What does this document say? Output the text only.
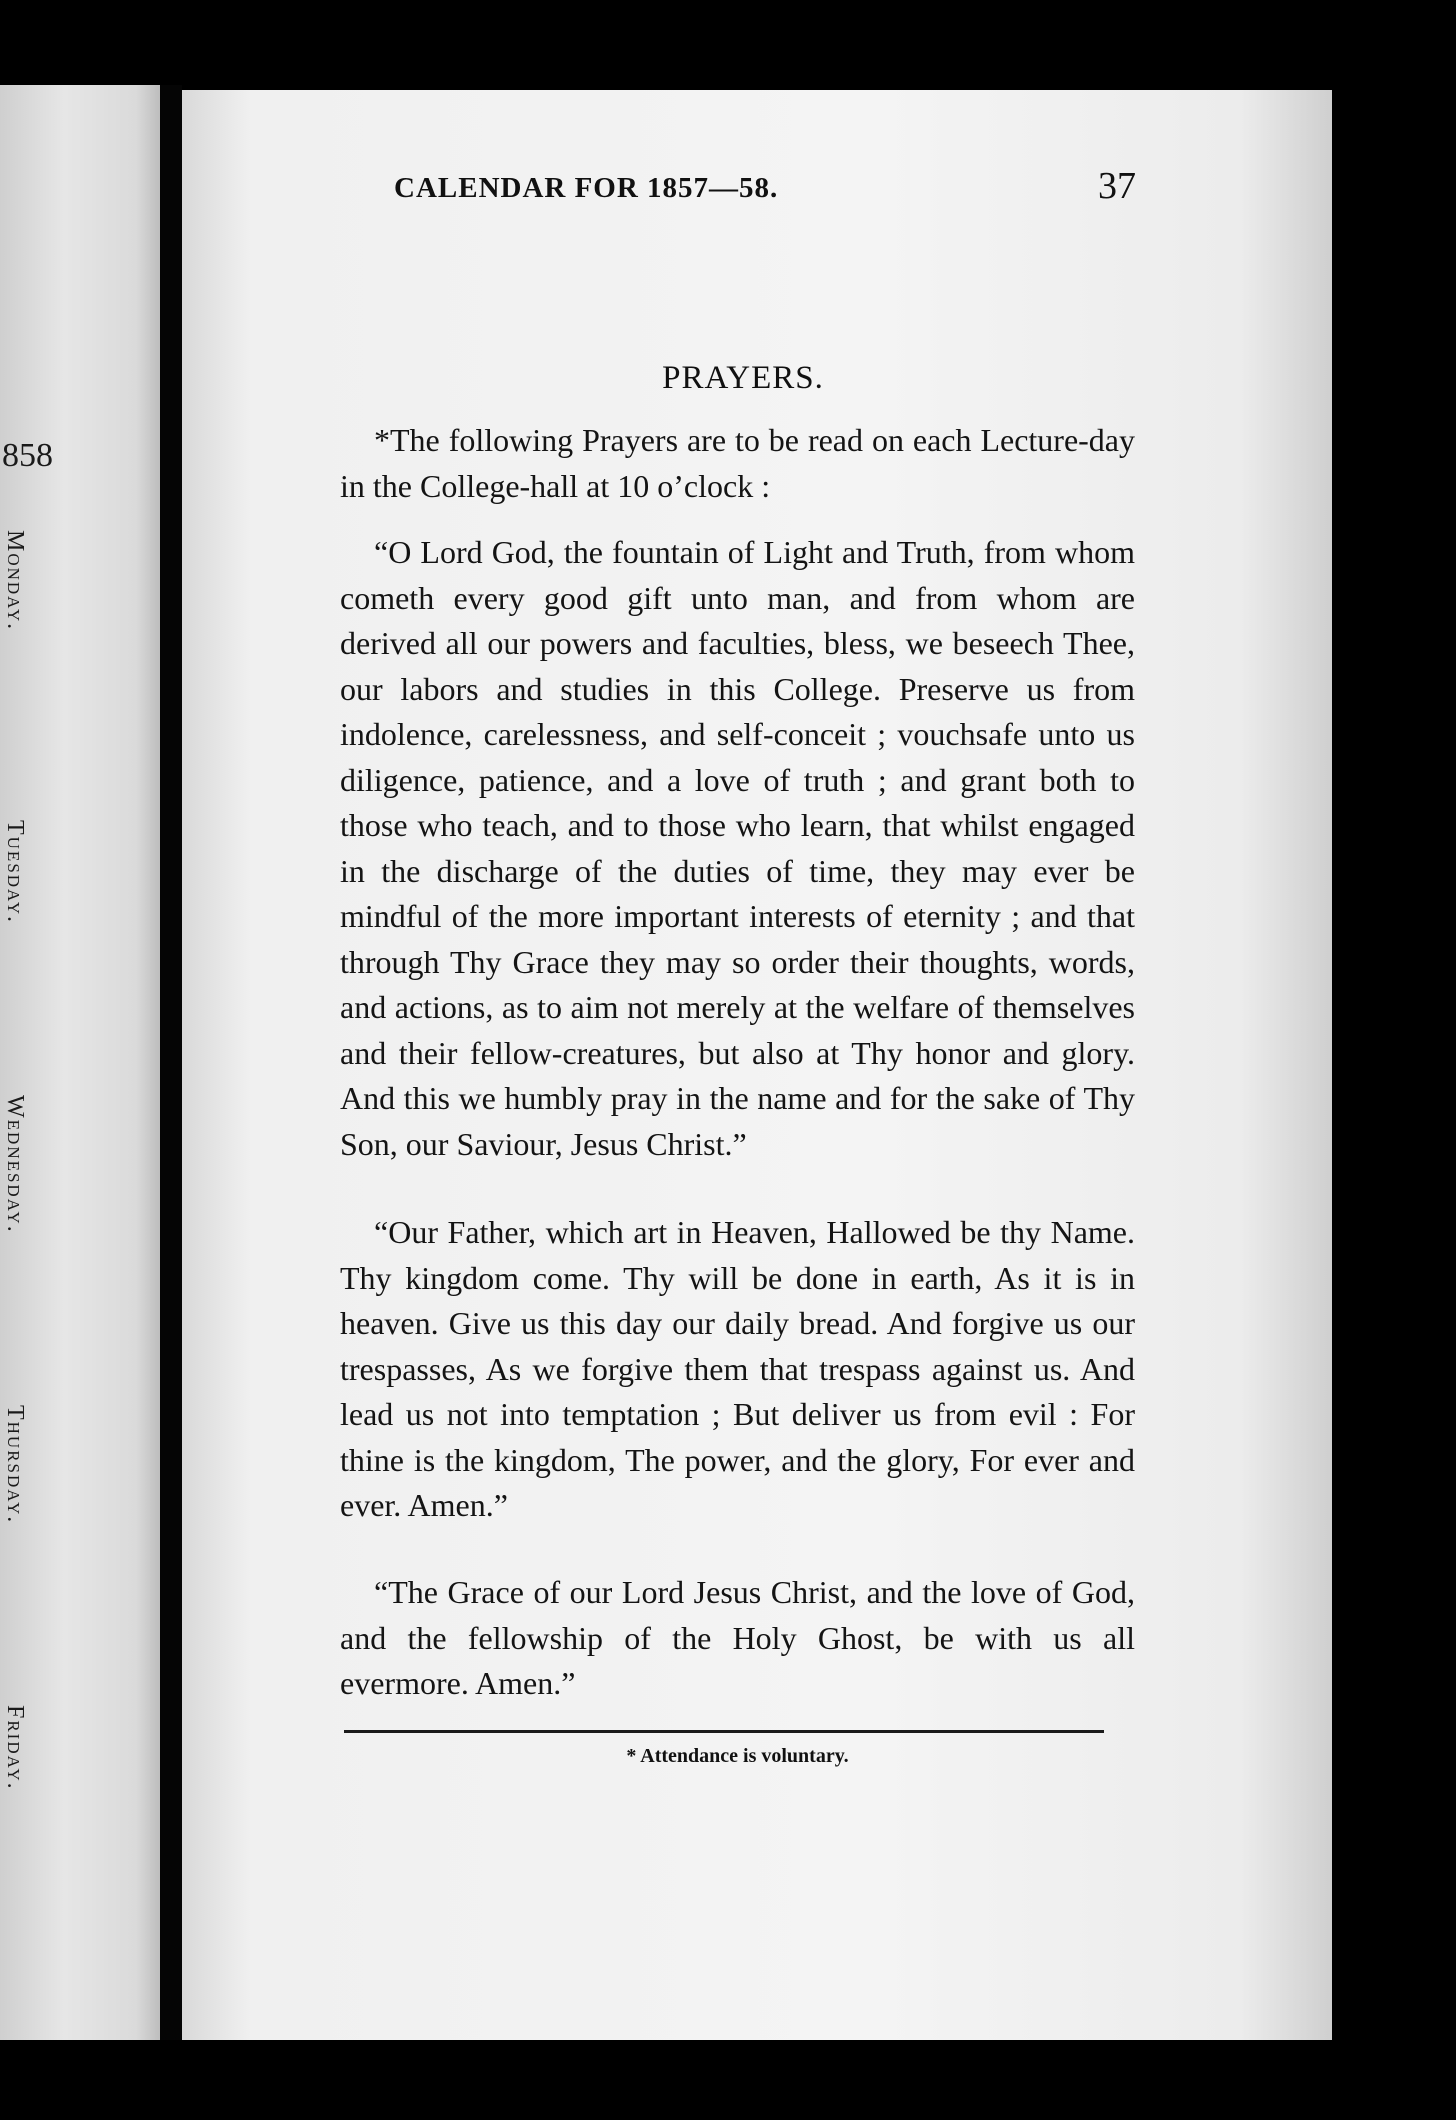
858
Monday.
Tuesday.
Wednesday.
Thursday.
Friday.
CALENDAR FOR 1857—58.	37
PRAYERS.

*The following Prayers are to be read on each Lecture-day in the College-hall at 10 o’clock :

“O Lord God, the fountain of Light and Truth, from whom cometh every good gift unto man, and from whom are derived all our powers and faculties, bless, we beseech Thee, our labors and studies in this College. Preserve us from indolence, carelessness, and self-conceit ; vouchsafe unto us diligence, patience, and a love of truth ; and grant both to those who teach, and to those who learn, that whilst engaged in the discharge of the duties of time, they may ever be mindful of the more important interests of eternity ; and that through Thy Grace they may so order their thoughts, words, and actions, as to aim not merely at the welfare of themselves and their fellow-creatures, but also at Thy honor and glory. And this we humbly pray in the name and for the sake of Thy Son, our Saviour, Jesus Christ.”

“Our Father, which art in Heaven, Hallowed be thy Name. Thy kingdom come. Thy will be done in earth, As it is in heaven. Give us this day our daily bread. And forgive us our trespasses, As we forgive them that trespass against us. And lead us not into temptation ; But deliver us from evil : For thine is the kingdom, The power, and the glory, For ever and ever. Amen.”

“The Grace of our Lord Jesus Christ, and the love of God, and the fellowship of the Holy Ghost, be with us all evermore. Amen.”

* Attendance is voluntary.
